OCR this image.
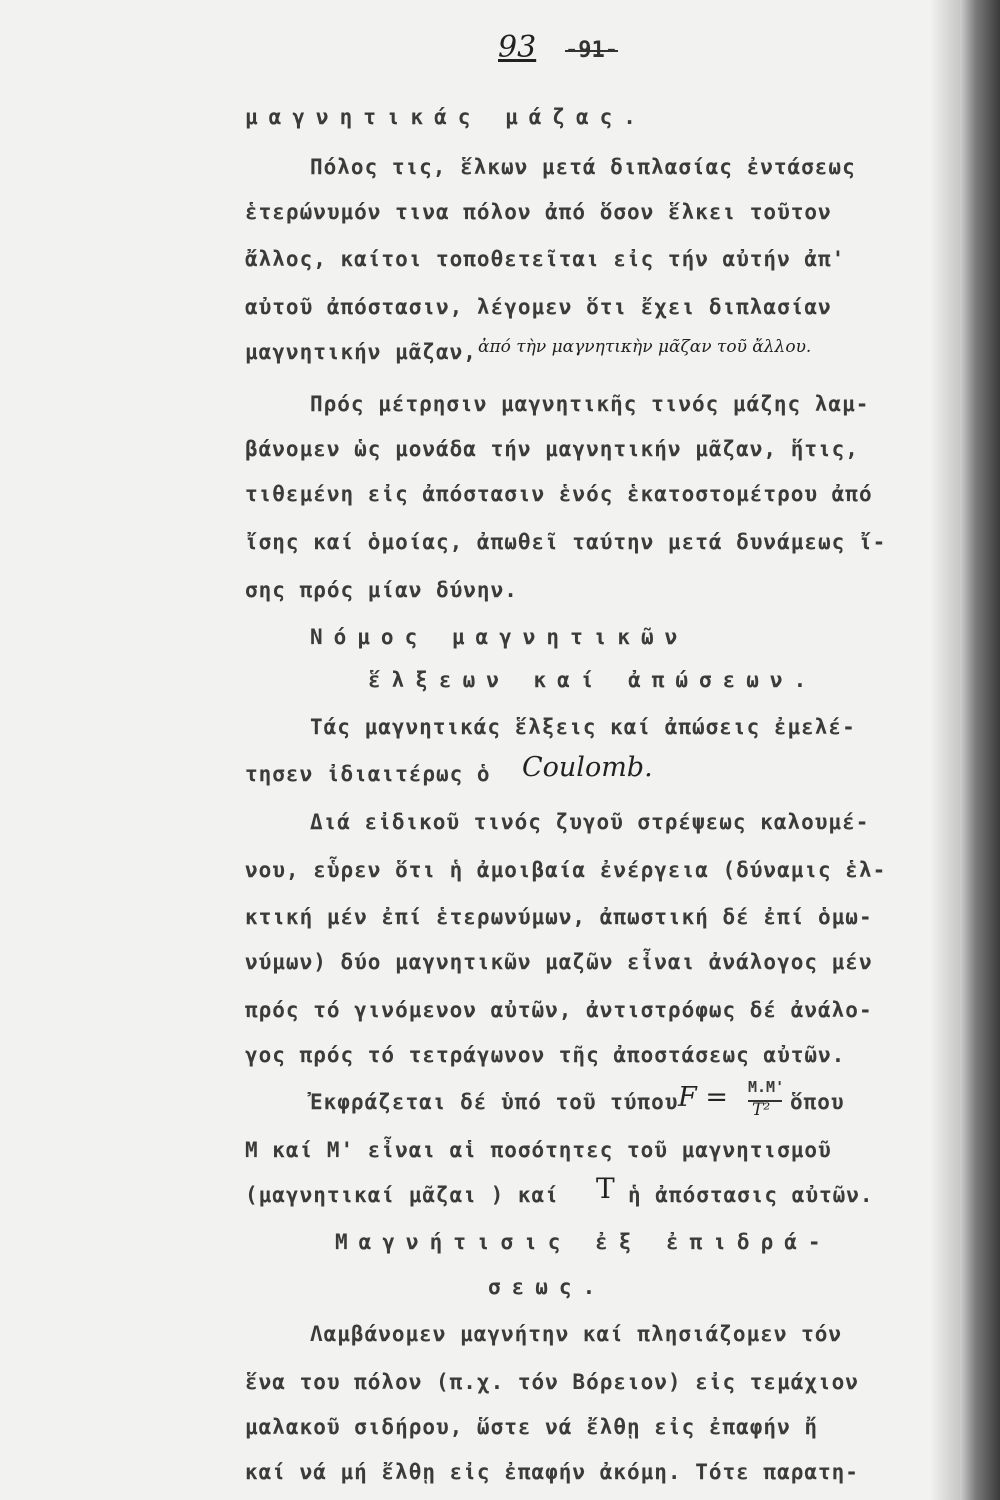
93 -91-
μαγνητικάς μάζας.
Πόλος τις, ἕλκων μετά διπλασίας ἐντάσεως
ἑτερώνυμόν τινα πόλον ἀπό ὅσον ἕλκει τοῦτον
ἄλλος, καίτοι τοποθετεῖται εἰς τήν αὐτήν ἀπ'
αὐτοῦ ἀπόστασιν, λέγομεν ὅτι ἔχει διπλασίαν
μαγνητικήν μᾶζαν, ἀπό τὴν μαγνητικὴν μᾶζαν τοῦ ἄλλου.
Πρός μέτρησιν μαγνητικῆς τινός μάζης λαμ-
βάνομεν ὡς μονάδα τήν μαγνητικήν μᾶζαν, ἥτις,
τιθεμένη εἰς ἀπόστασιν ἑνός ἑκατοστομέτρου ἀπό
ἴσης καί ὁμοίας, ἀπωθεῖ ταύτην μετά δυνάμεως ἴ-
σης πρός μίαν δύνην.
Νόμος μαγνητικῶν
ἕλξεων καί ἀπώσεων.
Τάς μαγνητικάς ἕλξεις καί ἀπώσεις ἐμελέ-
τησεν ἰδιαιτέρως ὁ Coulomb.
Διά εἰδικοῦ τινός ζυγοῦ στρέψεως καλουμέ-
νου, εὗρεν ὅτι ἡ ἀμοιβαία ἐνέργεια (δύναμις ἑλ-
κτική μέν ἐπί ἑτερωνύμων, ἀπωστική δέ ἐπί ὁμω-
νύμων) δύο μαγνητικῶν μαζῶν εἶναι ἀνάλογος μέν
πρός τό γινόμενον αὐτῶν, ἀντιστρόφως δέ ἀνάλο-
γος πρός τό τετράγωνον τῆς ἀποστάσεως αὐτῶν.
Ἐκφράζεται δέ ὑπό τοῦ τύπου F = Μ.Μ'
Τ² ὅπου
Μ καί Μ' εἶναι αἱ ποσότητες τοῦ μαγνητισμοῦ
(μαγνητικαί μᾶζαι ) καί Τ ἡ ἀπόστασις αὐτῶν.
Μαγνήτισις ἐξ ἐπιδρά-
σεως.
Λαμβάνομεν μαγνήτην καί πλησιάζομεν τόν
ἕνα του πόλον (π.χ. τόν Βόρειον) εἰς τεμάχιον
μαλακοῦ σιδήρου, ὥστε νά ἔλθῃ εἰς ἐπαφήν ἤ
καί νά μή ἔλθῃ εἰς ἐπαφήν ἀκόμη. Τότε παρατη-
